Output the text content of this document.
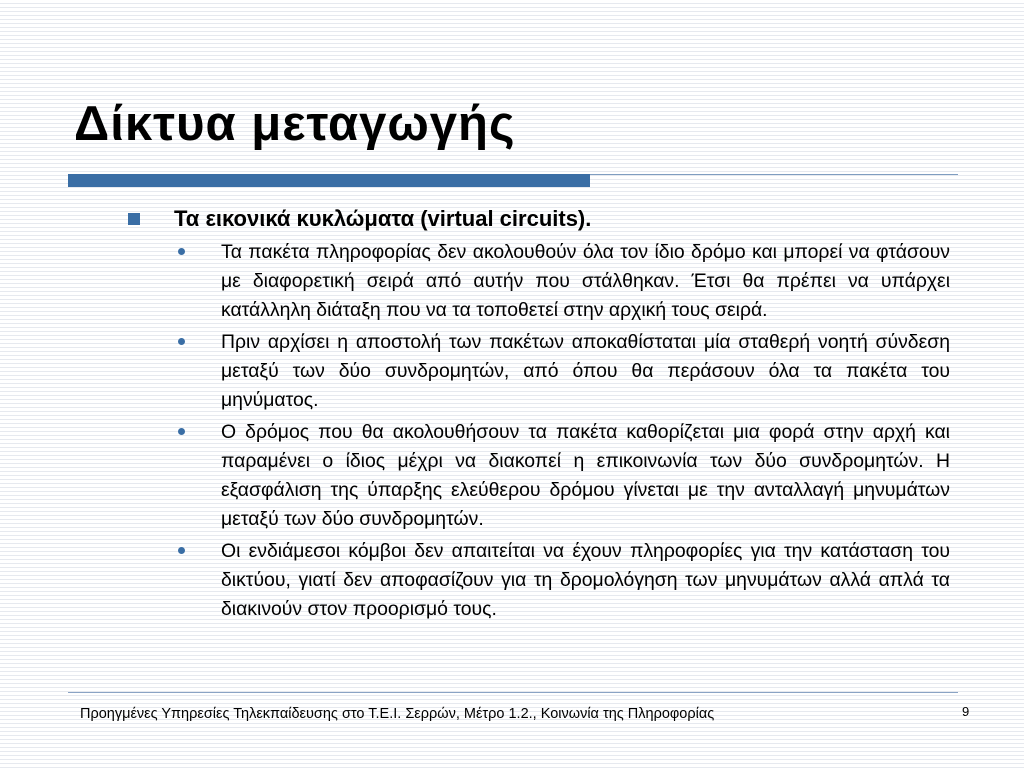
Δίκτυα μεταγωγής
Τα εικονικά κυκλώματα (virtual circuits).
Τα πακέτα πληροφορίας δεν ακολουθούν όλα τον ίδιο δρόμο και μπορεί να φτάσουν με διαφορετική σειρά από αυτήν που στάλθηκαν. Έτσι θα πρέπει να υπάρχει κατάλληλη διάταξη που να τα τοποθετεί στην αρχική τους σειρά.
Πριν αρχίσει η αποστολή των πακέτων αποκαθίσταται μία σταθερή νοητή σύνδεση μεταξύ των δύο συνδρομητών, από όπου θα περάσουν όλα τα πακέτα του μηνύματος.
Ο δρόμος που θα ακολουθήσουν τα πακέτα καθορίζεται μια φορά στην αρχή και παραμένει ο ίδιος μέχρι να διακοπεί η επικοινωνία των δύο συνδρομητών. Η εξασφάλιση της ύπαρξης ελεύθερου δρόμου γίνεται με την ανταλλαγή μηνυμάτων μεταξύ των δύο συνδρομητών.
Οι ενδιάμεσοι κόμβοι δεν απαιτείται να έχουν πληροφορίες για την κατάσταση του δικτύου, γιατί δεν αποφασίζουν για τη δρομολόγηση των μηνυμάτων αλλά απλά τα διακινούν στον προορισμό τους.
Προηγμένες Υπηρεσίες Τηλεκπαίδευσης στο Τ.Ε.Ι. Σερρών, Μέτρο 1.2., Κοινωνία της Πληροφορίας	9
